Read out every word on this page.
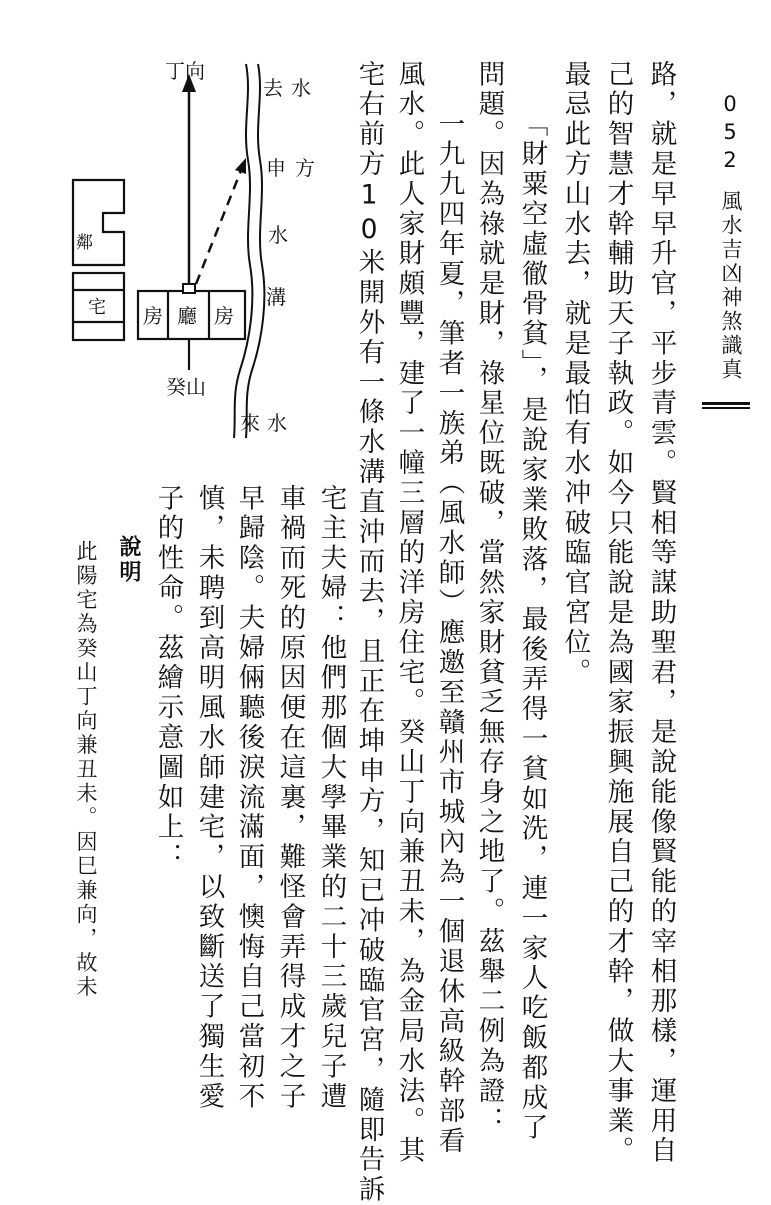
052
風水吉凶神煞識真
路，就是早早升官，平步青雲。賢相等謀助聖君，是說能像賢能的宰相那樣，運用自
己的智慧才幹輔助天子執政。如今只能說是為國家振興施展自己的才幹，做大事業。
最忌此方山水去，就是最怕有水冲破臨官宮位。
「財粟空虛徹骨貧」，是說家業敗落，最後弄得一貧如洗，連一家人吃飯都成了
問題。因為祿就是財，祿星位既破，當然家財貧乏無存身之地了。茲舉二例為證：
一九九四年夏，筆者一族弟（風水師）應邀至贛州市城內為一個退休高級幹部看
風水。此人家財頗豐，建了一幢三層的洋房住宅。癸山丁向兼丑未，為金局水法。其
宅右前方10米開外有一條水溝直沖而去，且正在坤申方，知已冲破臨官宮，隨即告訴
宅主夫婦：他們那個大學畢業的二十三歲兒子遭
車禍而死的原因便在這裏，難怪會弄得成才之子
早歸陰。夫婦倆聽後淚流滿面，懊悔自己當初不
慎，未聘到高明風水師建宅，以致斷送了獨生愛
子的性命。茲繪示意圖如上：
說明
此陽宅為癸山丁向兼丑未。因巳兼向，故未
丁向
去 水
申 方
水
溝
來 水
房 廳 房
癸山
鄰
宅
